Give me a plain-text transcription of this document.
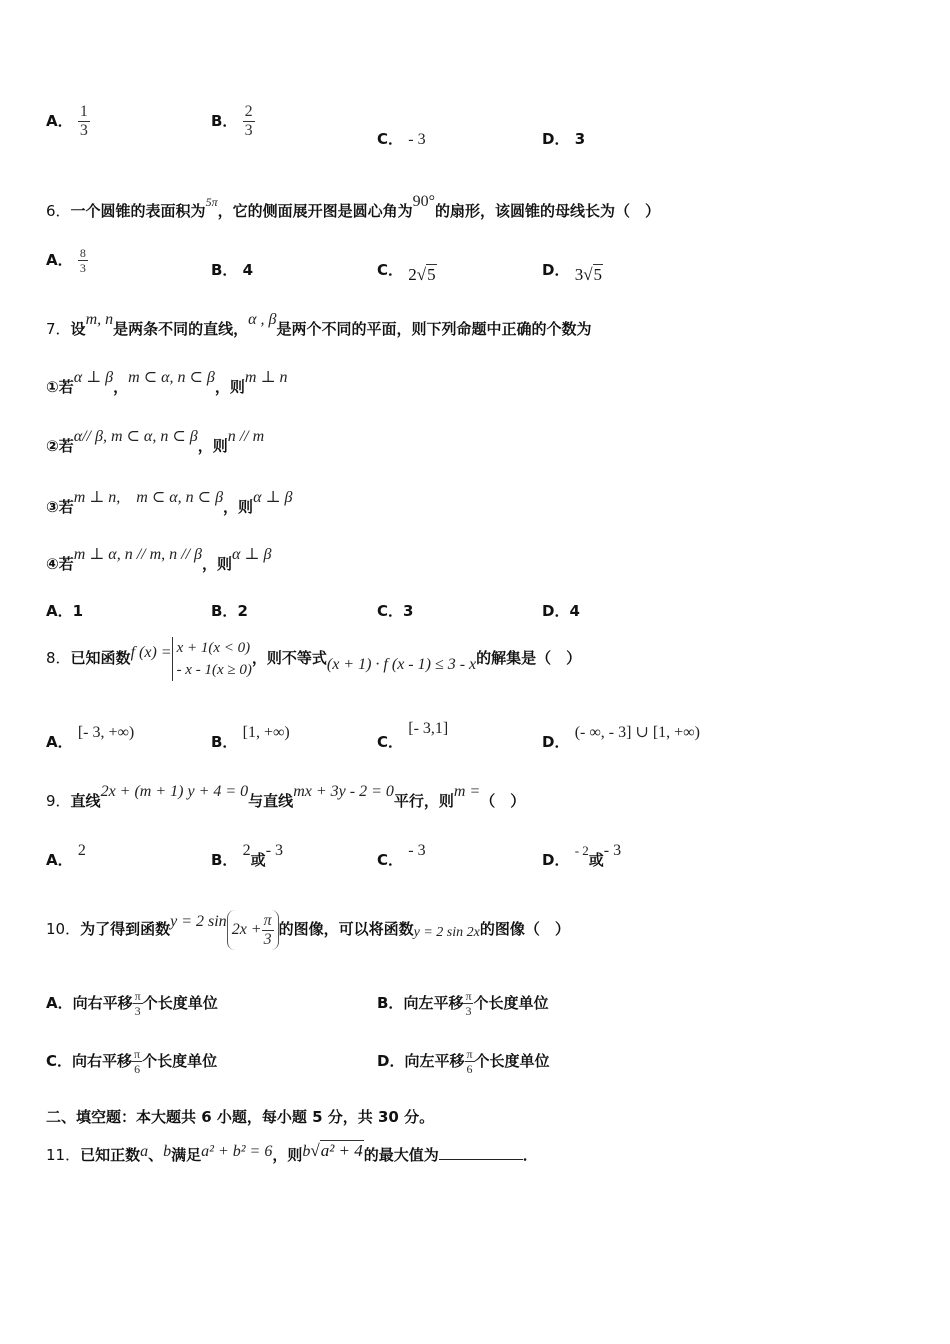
A． $\frac{1}{3}$	B． $\frac{2}{3}$	C． - 3	D． 3
6．一个圆锥的表面积为$^{5\pi}$，它的侧面展开图是圆心角为90°的扇形，该圆锥的母线长为（　）
A． $\frac{8}{3}$	B． 4	C． 2√5	D． 3√5
7．设m, n是两条不同的直线，α , β是两个不同的平面，则下列命题中正确的个数为
①若α ⊥ β，m ⊂ α, n ⊂ β，则m ⊥ n
②若α// β, m ⊂ α, n ⊂ β，则n // m
③若m ⊥ n,　m ⊂ α, n ⊂ β，则α ⊥ β
④若m ⊥ α, n // m, n // β，则α ⊥ β
A．1	B．2	C．3	D．4
8．已知函数f (x) = x + 1(x < 0)
- x - 1(x ≥ 0)
，则不等式(x + 1) · f (x - 1) ≤ 3 - x的解集是（　）
A． [- 3, +∞)
B． [1, +∞)
C． [- 3,1]
D． (- ∞, - 3] ∪ [1, +∞)
9．直线2x + (m + 1) y + 4 = 0与直线mx + 3y - 2 = 0平行，则m =（　）
A． 2
B． 2或- 3
C． - 3
D． - 2或- 3
10．为了得到函数y = 2 $\sin 2x + \frac{\pi}{3}$ 的图像，可以将函数y = 2 sin 2x的图像（　）
A．向右平移 $\frac{\pi}{3}$ 个长度单位	B．向左平移 $\frac{\pi}{3}$ 个长度单位
C．向右平移 $\frac{\pi}{6}$ 个长度单位	D．向左平移 $\frac{\pi}{6}$ 个长度单位
二、填空题：本大题共 6 小题，每小题 5 分，共 30 分。
11．已知正数a、b满足a² + b² = 6，则b√a² + 4的最大值为	．
